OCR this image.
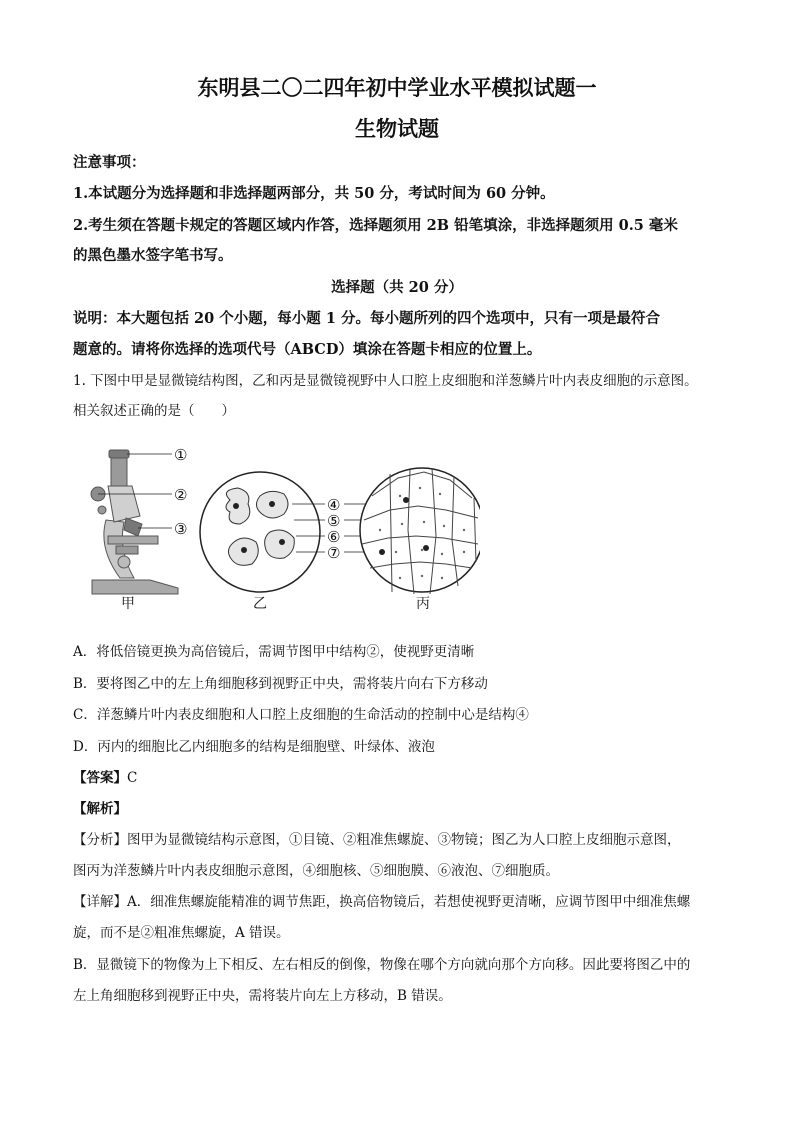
东明县二〇二四年初中学业水平模拟试题一
生物试题
注意事项：
1.本试题分为选择题和非选择题两部分，共 50 分，考试时间为 60 分钟。
2.考生须在答题卡规定的答题区域内作答，选择题须用 2B 铅笔填涂，非选择题须用 0.5 毫米
的黑色墨水签字笔书写。
选择题（共 20 分）
说明：本大题包括 20 个小题，每小题 1 分。每小题所列的四个选项中，只有一项是最符合
题意的。请将你选择的选项代号（ABCD）填涂在答题卡相应的位置上。
1. 下图中甲是显微镜结构图，乙和丙是显微镜视野中人口腔上皮细胞和洋葱鳞片叶内表皮细胞的示意图。
相关叙述正确的是（　　）
①
②
③
④
⑤
⑥
⑦
甲	乙	丙
A．将低倍镜更换为高倍镜后，需调节图甲中结构②，使视野更清晰
B．要将图乙中的左上角细胞移到视野正中央，需将装片向右下方移动
C．洋葱鳞片叶内表皮细胞和人口腔上皮细胞的生命活动的控制中心是结构④
D．丙内的细胞比乙内细胞多的结构是细胞壁、叶绿体、液泡
【答案】C
【解析】
【分析】图甲为显微镜结构示意图，①目镜、②粗准焦螺旋、③物镜；图乙为人口腔上皮细胞示意图，
图丙为洋葱鳞片叶内表皮细胞示意图，④细胞核、⑤细胞膜、⑥液泡、⑦细胞质。
【详解】A．细准焦螺旋能精准的调节焦距，换高倍物镜后，若想使视野更清晰，应调节图甲中细准焦螺
旋，而不是②粗准焦螺旋，A 错误。
B．显微镜下的物像为上下相反、左右相反的倒像，物像在哪个方向就向那个方向移。因此要将图乙中的
左上角细胞移到视野正中央，需将装片向左上方移动，B 错误。
